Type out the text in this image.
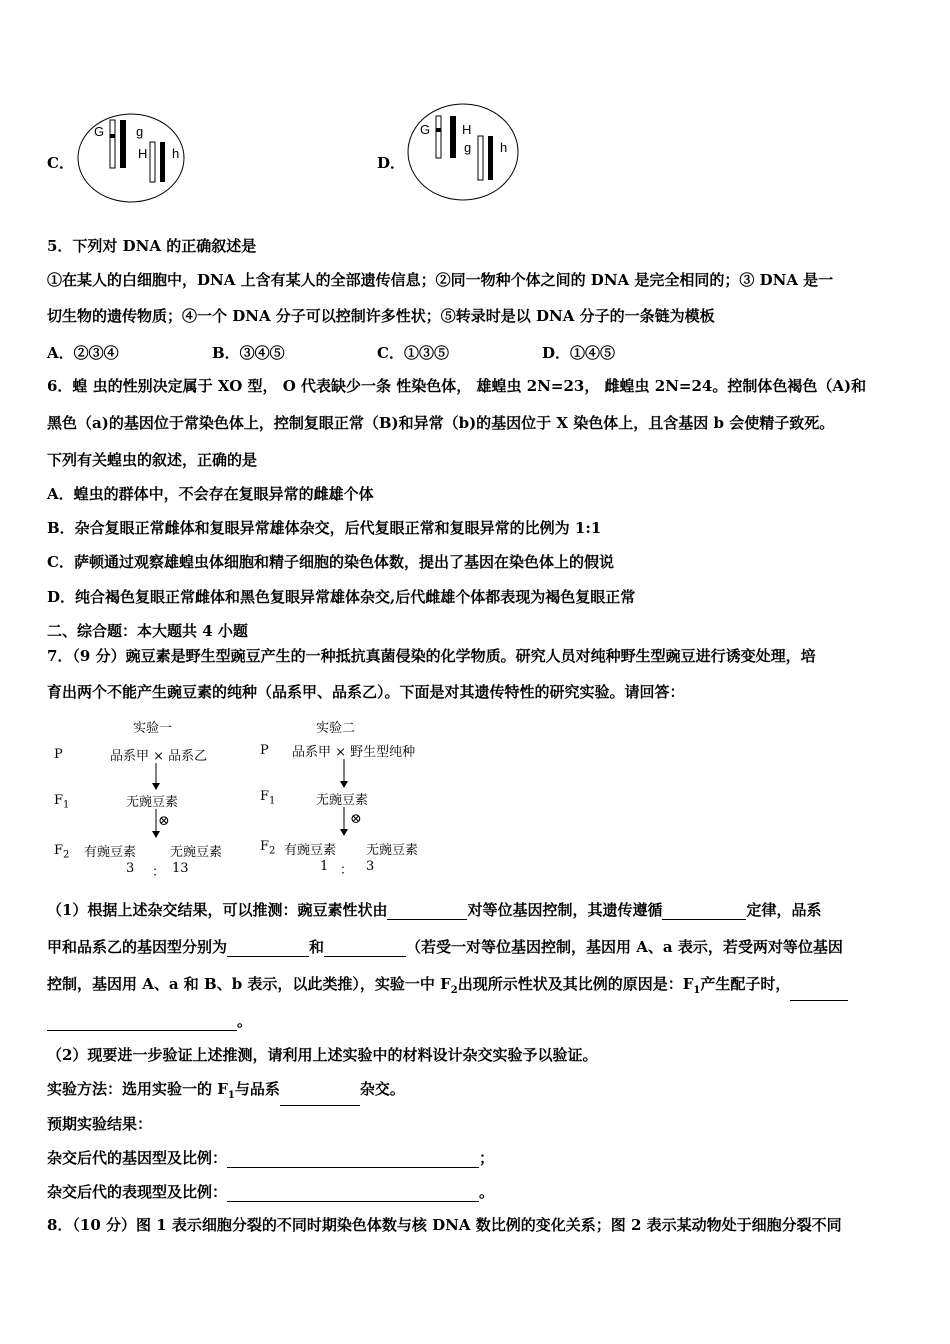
C．
G g
H h
D．
G H
g h
5．下列对 DNA 的正确叙述是
①在某人的白细胞中，DNA 上含有某人的全部遗传信息；②同一物种个体之间的 DNA 是完全相同的；③ DNA 是一
切生物的遗传物质；④一个 DNA 分子可以控制许多性状；⑤转录时是以 DNA 分子的一条链为模板
A．②③④	B．③④⑤	C．①③⑤	D．①④⑤
6．蝗 虫的性别决定属于 XO 型， O 代表缺少一条 性染色体， 雄蝗虫 2N=23， 雌蝗虫 2N=24。控制体色褐色（A)和
黑色（a)的基因位于常染色体上，控制复眼正常（B)和异常（b)的基因位于 X 染色体上，且含基因 b 会使精子致死。
下列有关蝗虫的叙述，正确的是
A．蝗虫的群体中，不会存在复眼异常的雌雄个体
B．杂合复眼正常雌体和复眼异常雄体杂交，后代复眼正常和复眼异常的比例为 1:1
C．萨顿通过观察雄蝗虫体细胞和精子细胞的染色体数，提出了基因在染色体上的假说
D．纯合褐色复眼正常雌体和黑色复眼异常雄体杂交,后代雌雄个体都表现为褐色复眼正常
二、综合题：本大题共 4 小题
7．（9 分）豌豆素是野生型豌豆产生的一种抵抗真菌侵染的化学物质。研究人员对纯种野生型豌豆进行诱变处理，培
育出两个不能产生豌豆素的纯种（品系甲、品系乙）。下面是对其遗传特性的研究实验。请回答：
实验一
P	品系甲 × 品系乙
$F_1$	无豌豆素
⊗
$F_2$ 有豌豆素	无豌豆素
3 ： 13
实验二
P 品系甲 × 野生型纯种
$F_1$	无豌豆素
⊗
$F_2$ 有豌豆素 无豌豆素
1 ： 3
（1）根据上述杂交结果，可以推测：豌豆素性状由	对等位基因控制，其遗传遵循	定律，品系
甲和品系乙的基因型分别为	和	（若受一对等位基因控制，基因用 A、a 表示，若受两对等位基因
控制，基因用 A、a 和 B、b 表示，以此类推），实验一中 $F_2$出现所示性状及其比例的原因是：$F_1$产生配子时，
。
（2）现要进一步验证上述推测，请利用上述实验中的材料设计杂交实验予以验证。
实验方法：选用实验一的 $F_1$与品系	杂交。
预期实验结果：
杂交后代的基因型及比例：	；
杂交后代的表现型及比例：	。
8．（10 分）图 1 表示细胞分裂的不同时期染色体数与核 DNA 数比例的变化关系；图 2 表示某动物处于细胞分裂不同
